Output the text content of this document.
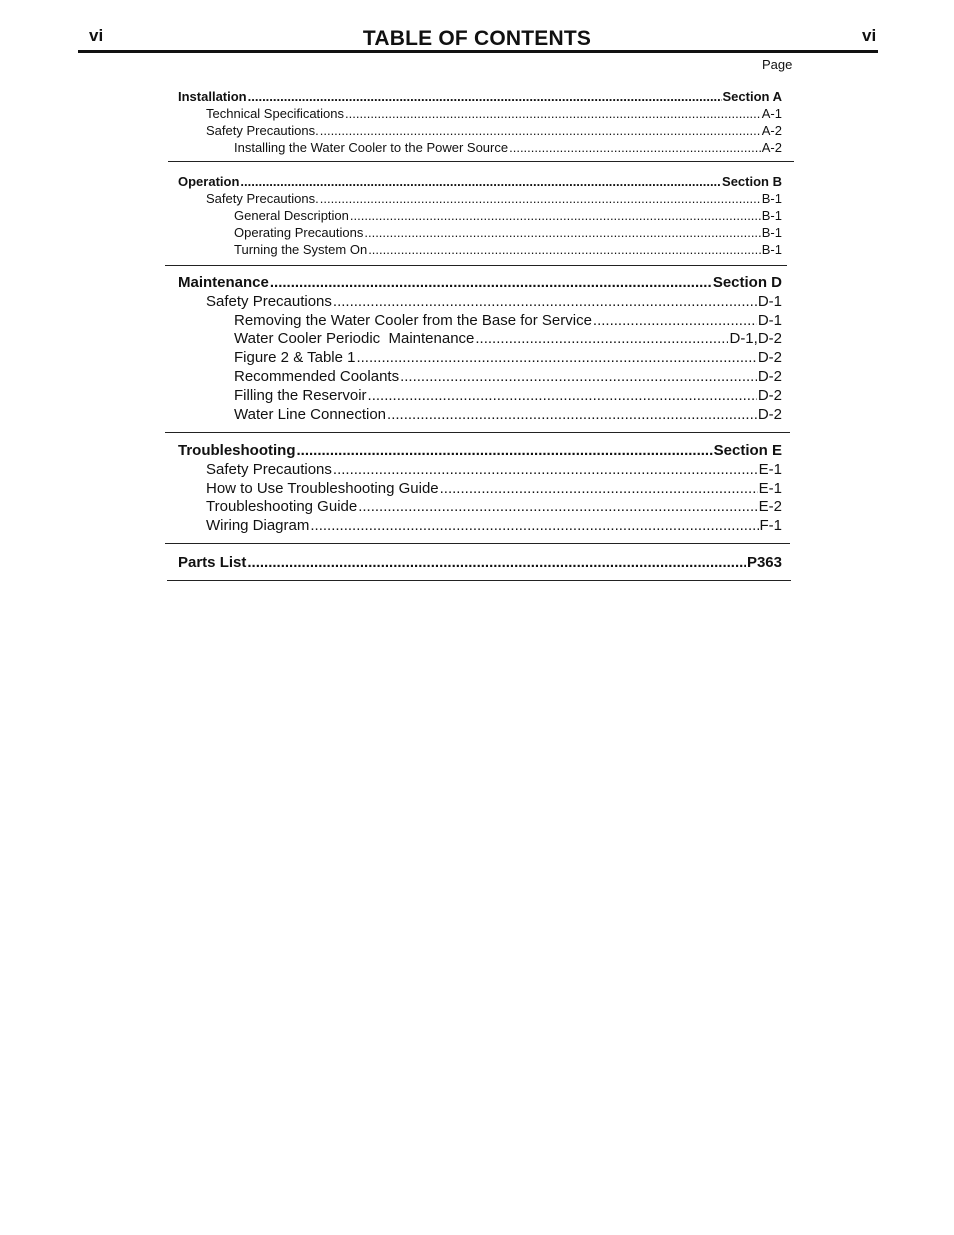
vi	TABLE OF CONTENTS	vi
Page
Installation .....	Section A
Technical Specifications .....	A-1
Safety Precautions. .....	A-2
Installing the Water Cooler to the Power Source .....	A-2
Operation .....	Section B
Safety Precautions. .....	B-1
General Description .....	B-1
Operating Precautions .....	B-1
Turning the System On .....	B-1
Maintenance .....	Section D
Safety Precautions .....	D-1
Removing the Water Cooler from the Base for Service .....	D-1
Water Cooler Periodic  Maintenance .....	D-1,D-2
Figure 2 & Table 1 .....	D-2
Recommended Coolants .....	D-2
Filling the Reservoir .....	D-2
Water Line Connection .....	D-2
Troubleshooting .....	Section E
Safety Precautions .....	E-1
How to Use Troubleshooting Guide .....	E-1
Troubleshooting Guide .....	E-2
Wiring Diagram .....	F-1
Parts List .....	P363
